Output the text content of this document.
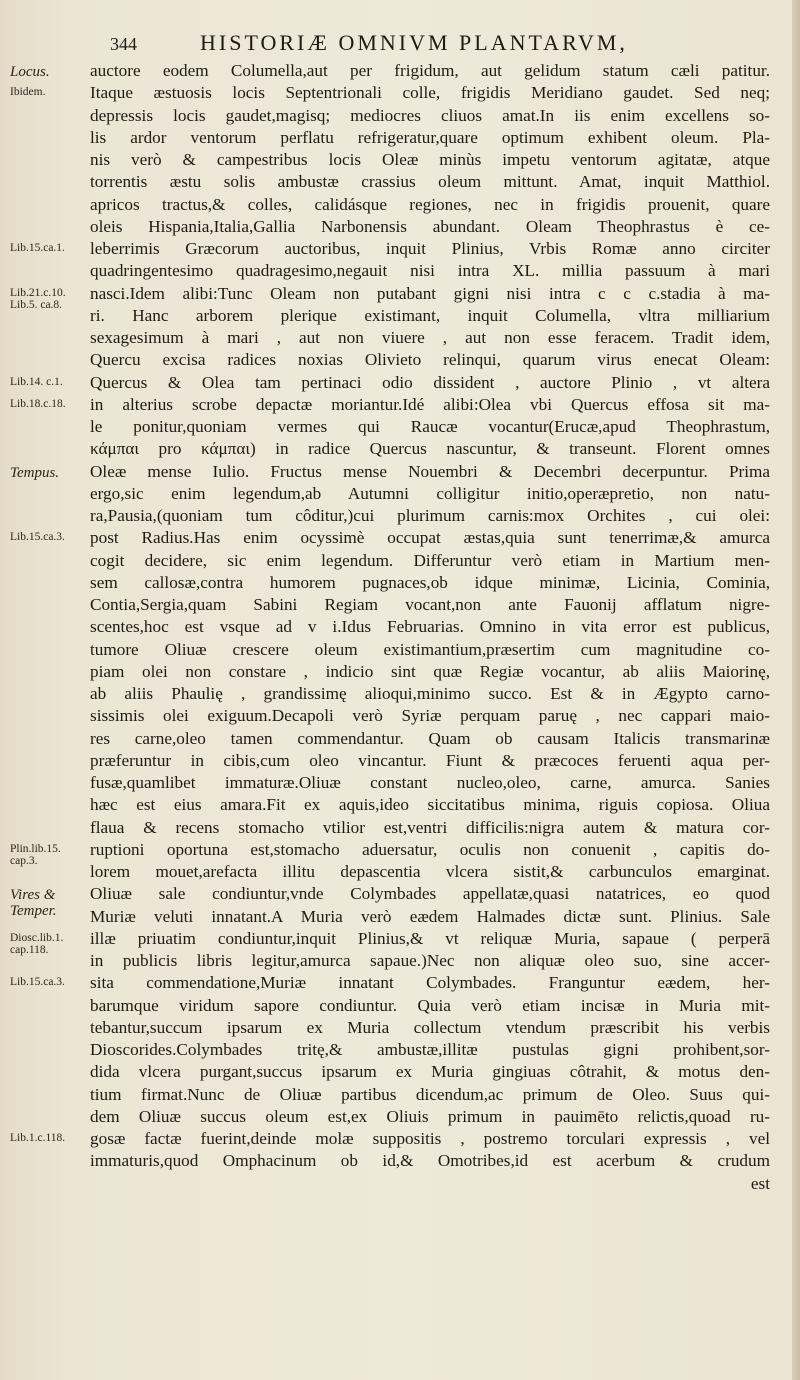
344	HISTORIÆ OMNIVM PLANTARVM,
Locus.
Ibidem.
Lib.15.ca.1.
Lib.21.c.10.
Lib.5. ca.8.
Lib.14. c.1.
Lib.18.c.18.
Tempus.
Lib.15.ca.3.
Plin.lib.15.
cap.3.
Vires &
Temper.
Diosc.lib.1.
cap.118.
Lib.15.ca.3.
Lib.1.c.118.
auctore eodem Columella,aut per frigidum, aut gelidum statum cæli patitur.
Itaque æstuosis locis Septentrionali colle, frigidis Meridiano gaudet. Sed neq;
depressis locis gaudet,magisq; mediocres cliuos amat.In iis enim excellens so-
lis ardor ventorum perflatu refrigeratur,quare optimum exhibent oleum. Pla-
nis verò & campestribus locis Oleæ minùs impetu ventorum agitatæ, atque
torrentis æstu solis ambustæ crassius oleum mittunt. Amat, inquit Matthiol.
apricos tractus,& colles, calidásque regiones, nec in frigidis prouenit, quare
oleis Hispania,Italia,Gallia Narbonensis abundant. Oleam Theophrastus è ce-
leberrimis Græcorum auctoribus, inquit Plinius, Vrbis Romæ anno circiter
quadringentesimo quadragesimo,negauit nisi intra XL. millia passuum à mari
nasci.Idem alibi:Tunc Oleam non putabant gigni nisi intra c c c.stadia à ma-
ri. Hanc arborem plerique existimant, inquit Columella, vltra milliarium
sexagesimum à mari , aut non viuere , aut non esse feracem. Tradit idem,
Quercu excisa radices noxias Olivieto relinqui, quarum virus enecat Oleam:
Quercus & Olea tam pertinaci odio dissident , auctore Plinio , vt altera
in alterius scrobe depactæ moriantur.Idé alibi:Olea vbi Quercus effosa sit ma-
le ponitur,quoniam vermes qui Raucæ vocantur(Erucæ,apud Theophrastum,
κάμπαι pro κάμπαι) in radice Quercus nascuntur, & transeunt. Florent omnes
Oleæ mense Iulio. Fructus mense Nouembri & Decembri decerpuntur. Prima
ergo,sic enim legendum,ab Autumni colligitur initio,operæpretio, non natu-
ra,Pausia,(quoniam tum côditur,)cui plurimum carnis:mox Orchites , cui olei:
post Radius.Has enim ocyssimè occupat æstas,quia sunt tenerrimæ,& amurca
cogit decidere, sic enim legendum. Differuntur verò etiam in Martium men-
sem callosæ,contra humorem pugnaces,ob idque minimæ, Licinia, Cominia,
Contia,Sergia,quam Sabini Regiam vocant,non ante Fauonij afflatum nigre-
scentes,hoc est vsque ad v i.Idus Februarias. Omnino in vita error est publicus,
tumore Oliuæ crescere oleum existimantium,præsertim cum magnitudine co-
piam olei non constare , indicio sint quæ Regiæ vocantur, ab aliis Maiorinę,
ab aliis Phaulię , grandissimę alioqui,minimo succo. Est & in Ægypto carno-
sissimis olei exiguum.Decapoli verò Syriæ perquam paruę , nec cappari maio-
res carne,oleo tamen commendantur. Quam ob causam Italicis transmarinæ
præferuntur in cibis,cum oleo vincantur. Fiunt & præcoces feruenti aqua per-
fusæ,quamlibet immaturæ.Oliuæ constant nucleo,oleo, carne, amurca. Sanies
hæc est eius amara.Fit ex aquis,ideo siccitatibus minima, riguis copiosa. Oliua
flaua & recens stomacho vtilior est,ventri difficilis:nigra autem & matura cor-
ruptioni oportuna est,stomacho aduersatur, oculis non conuenit , capitis do-
lorem mouet,arefacta illitu depascentia vlcera sistit,& carbunculos emarginat.
Oliuæ sale condiuntur,vnde Colymbades appellatæ,quasi natatrices, eo quod
Muriæ veluti innatant.A Muria verò eædem Halmades dictæ sunt. Plinius. Sale
illæ priuatim condiuntur,inquit Plinius,& vt reliquæ Muria, sapaue ( perperā
in publicis libris legitur,amurca sapaue.)Nec non aliquæ oleo suo, sine accer-
sita commendatione,Muriæ innatant Colymbades. Franguntur eædem, her-
barumque viridum sapore condiuntur. Quia verò etiam incisæ in Muria mit-
tebantur,succum ipsarum ex Muria collectum vtendum præscribit his verbis
Dioscorides.Colymbades tritę,& ambustæ,illitæ pustulas gigni prohibent,sor-
dida vlcera purgant,succus ipsarum ex Muria gingiuas côtrahit, & motus den-
tium firmat.Nunc de Oliuæ partibus dicendum,ac primum de Oleo. Suus qui-
dem Oliuæ succus oleum est,ex Oliuis primum in pauimēto relictis,quoad ru-
gosæ factæ fuerint,deinde molæ suppositis , postremo torculari expressis , vel
immaturis,quod Omphacinum ob id,& Omotribes,id est acerbum & crudum
est
